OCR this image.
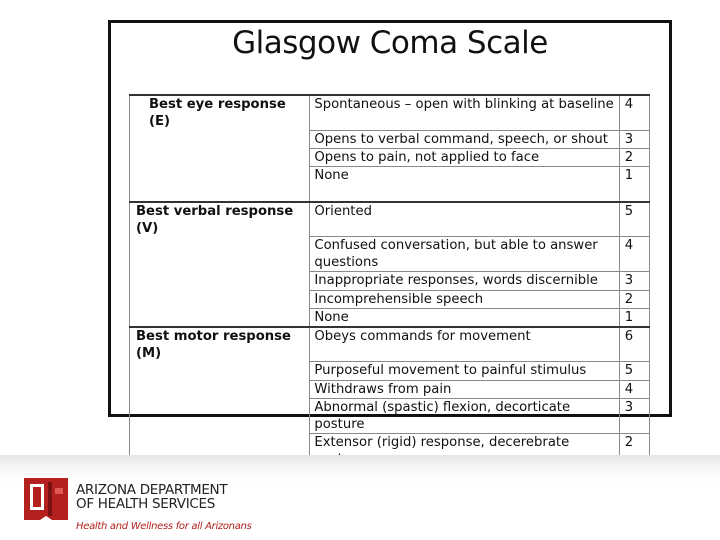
Glasgow Coma Scale
Best eye response (E)	Spontaneous – open with blinking at baseline	4
	Opens to verbal command, speech, or shout	3
	Opens to pain, not applied to face	2
	None	1
Best verbal response (V)	Oriented	5
	Confused conversation, but able to answer questions	4
	Inappropriate responses, words discernible	3
	Incomprehensible speech	2
	None	1
Best motor response (M)	Obeys commands for movement	6
	Purposeful movement to painful stimulus	5
	Withdraws from pain	4
	Abnormal (spastic) flexion, decorticate posture	3
	Extensor (rigid) response, decerebrate	2

ARIZONA DEPARTMENT
OF HEALTH SERVICES
Health and Wellness for all Arizonans
